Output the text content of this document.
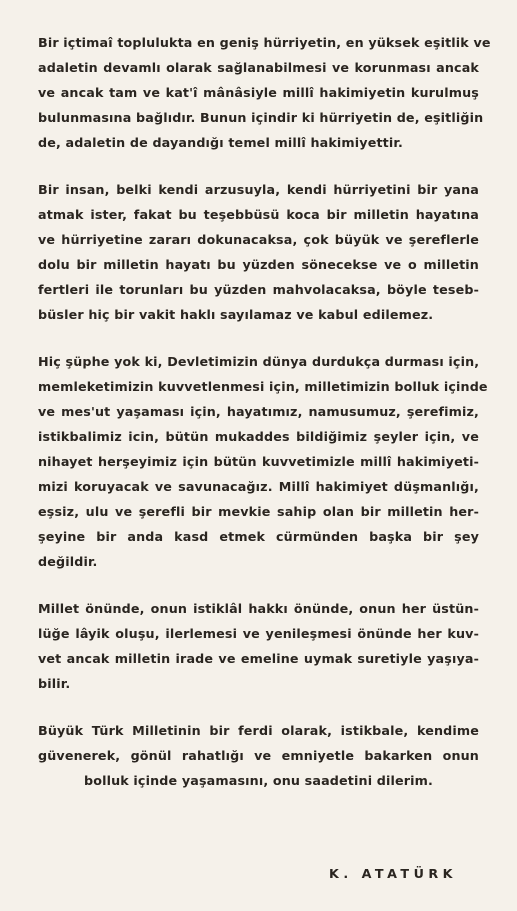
Bir içtimaî toplulukta en geniş hürriyetin, en yüksek eşitlik ve
adaletin devamlı olarak sağlanabilmesi ve korunması ancak
ve ancak tam ve kat'î mânâsiyle millî hakimiyetin kurulmuş
bulunmasına bağlıdır. Bunun içindir ki hürriyetin de, eşitliğin
de, adaletin de dayandığı temel millî hakimiyettir.

Bir insan, belki kendi arzusuyla, kendi hürriyetini bir yana
atmak ister, fakat bu teşebbüsü koca bir milletin hayatına
ve hürriyetine zararı dokunacaksa, çok büyük ve şereflerle
dolu bir milletin hayatı bu yüzden sönecekse ve o milletin
fertleri ile torunları bu yüzden mahvolacaksa, böyle teseb-
büsler hiç bir vakit haklı sayılamaz ve kabul edilemez.

Hiç şüphe yok ki, Devletimizin dünya durdukça durması için,
memleketimizin kuvvetlenmesi için, milletimizin bolluk içinde
ve mes'ut yaşaması için, hayatımız, namusumuz, şerefimiz,
istikbalimiz icin, bütün mukaddes bildiğimiz şeyler için, ve
nihayet herşeyimiz için bütün kuvvetimizle millî hakimiyeti-
mizi koruyacak ve savunacağız. Millî hakimiyet düşmanlığı,
eşsiz, ulu ve şerefli bir mevkie sahip olan bir milletin her-
şeyine bir anda kasd etmek cürmünden başka bir şey
değildir.

Millet önünde, onun istiklâl hakkı önünde, onun her üstün-
lüğe lâyik oluşu, ilerlemesi ve yenileşmesi önünde her kuv-
vet ancak milletin irade ve emeline uymak suretiyle yaşıya-
bilir.

Büyük Türk Milletinin bir ferdi olarak, istikbale, kendime
güvenerek, gönül rahatlığı ve emniyetle bakarken onun
bolluk içinde yaşamasını, onu saadetini dilerim.

K. ATATÜRK
